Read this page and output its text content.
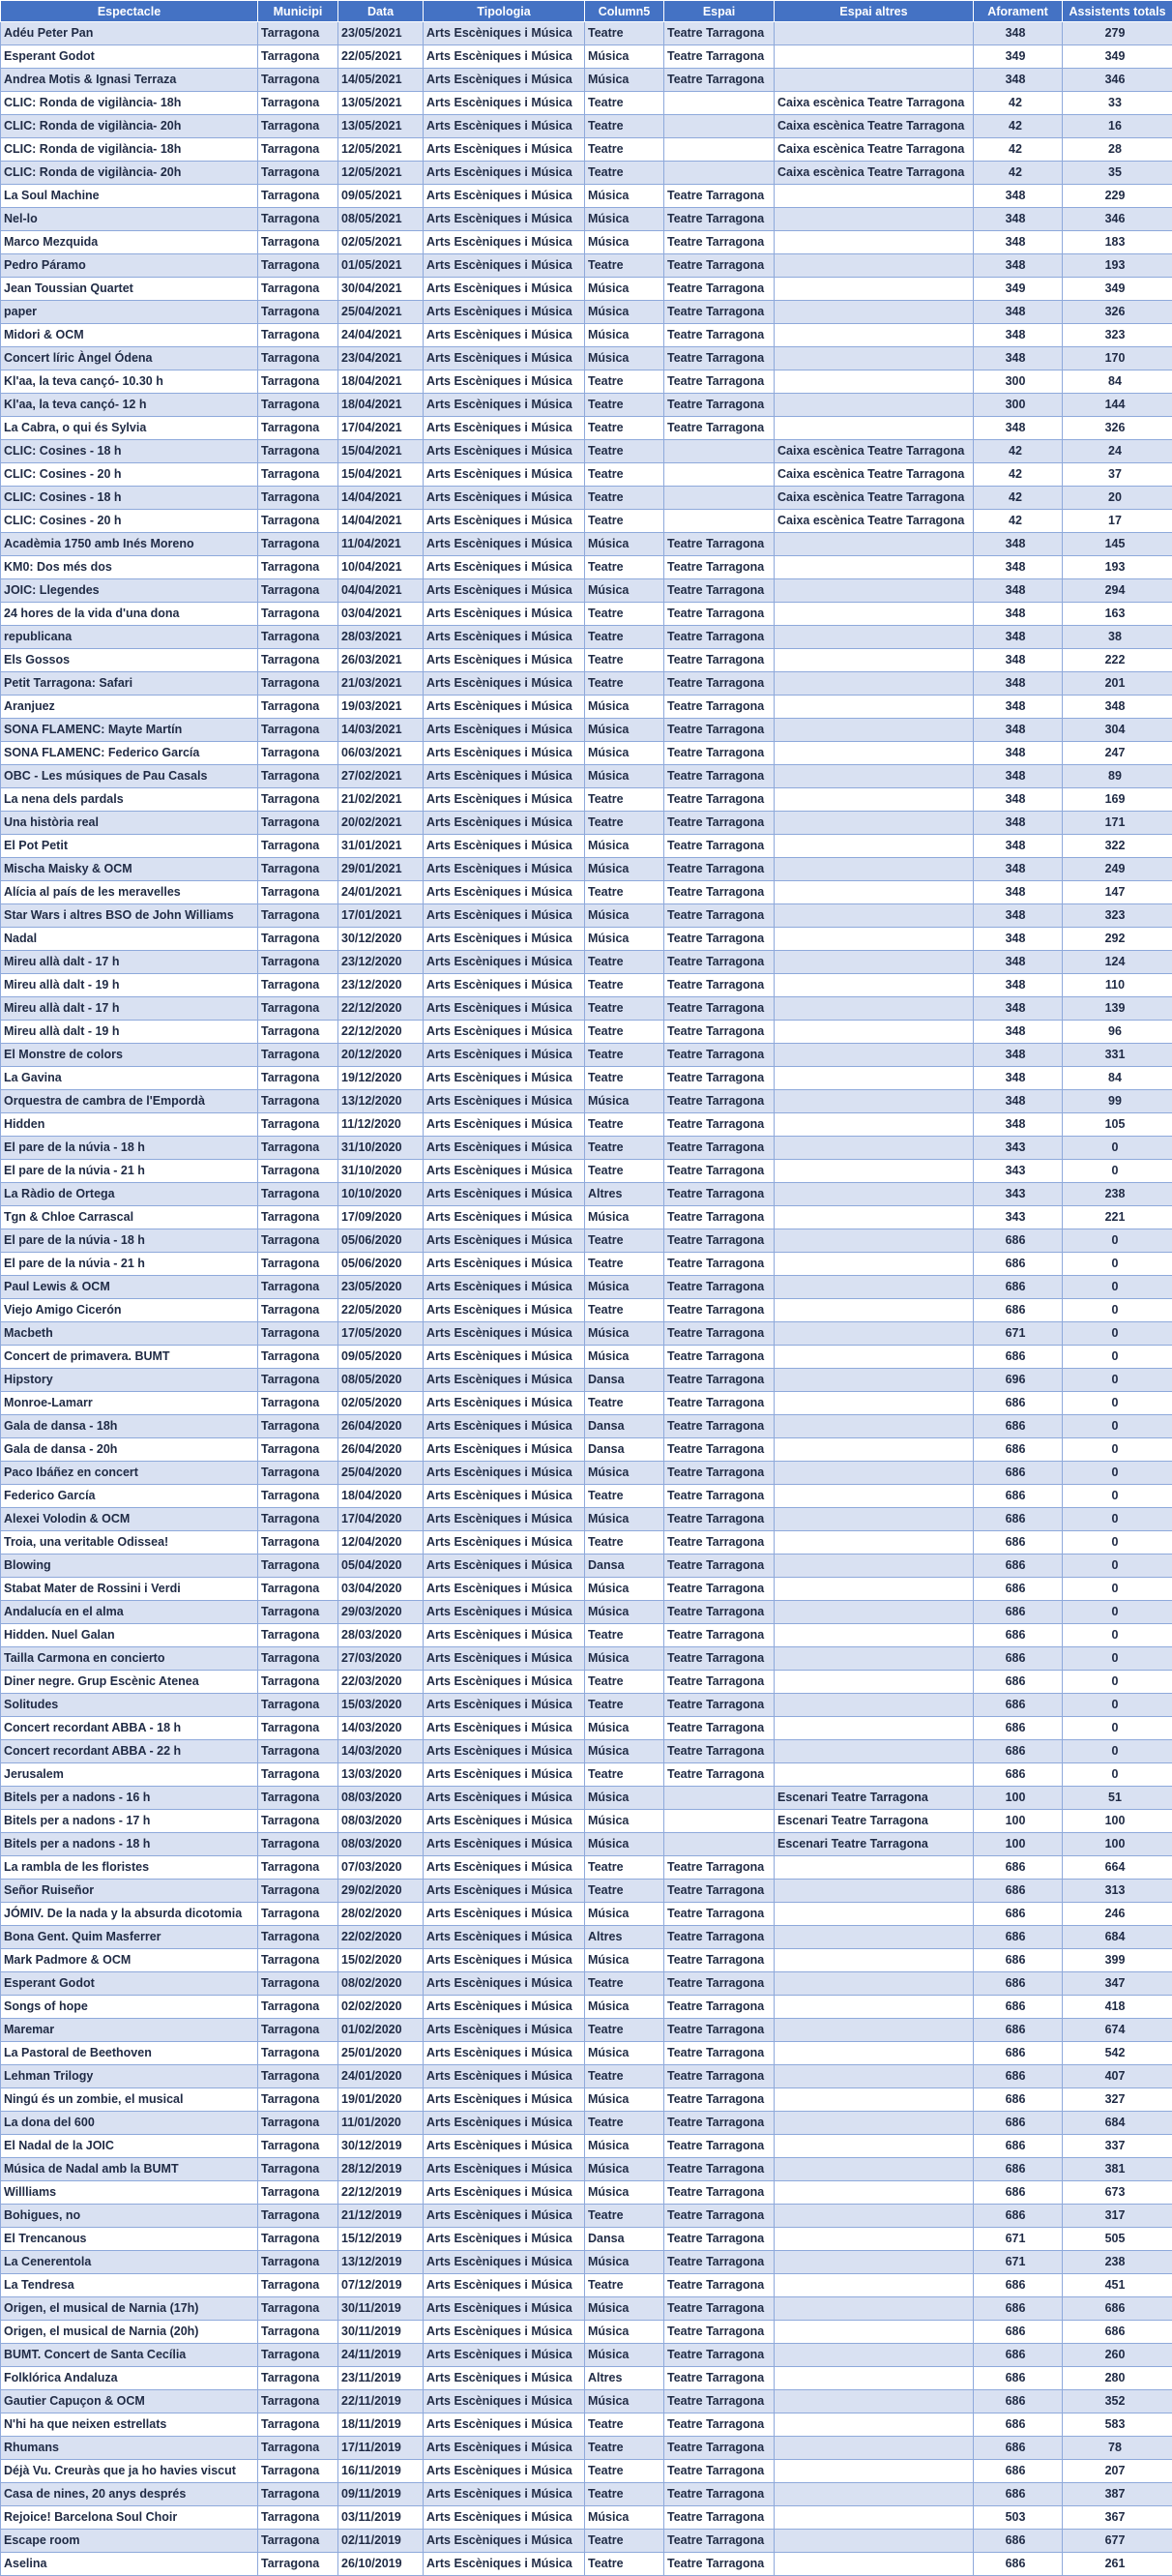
Espectacle	Municipi	Data	Tipologia	Column5	Espai	Espai altres	Aforament	Assistents totals
Adéu Peter Pan	Tarragona	23/05/2021	Arts Escèniques i Música	Teatre	Teatre Tarragona		348	279
Esperant Godot	Tarragona	22/05/2021	Arts Escèniques i Música	Música	Teatre Tarragona		349	349
Andrea Motis & Ignasi Terraza	Tarragona	14/05/2021	Arts Escèniques i Música	Música	Teatre Tarragona		348	346
CLIC: Ronda de vigilància- 18h	Tarragona	13/05/2021	Arts Escèniques i Música	Teatre		Caixa escènica Teatre Tarragona	42	33
CLIC: Ronda de vigilància- 20h	Tarragona	13/05/2021	Arts Escèniques i Música	Teatre		Caixa escènica Teatre Tarragona	42	16
CLIC: Ronda de vigilància- 18h	Tarragona	12/05/2021	Arts Escèniques i Música	Teatre		Caixa escènica Teatre Tarragona	42	28
CLIC: Ronda de vigilància- 20h	Tarragona	12/05/2021	Arts Escèniques i Música	Teatre		Caixa escènica Teatre Tarragona	42	35
La Soul Machine	Tarragona	09/05/2021	Arts Escèniques i Música	Música	Teatre Tarragona		348	229
Nel-lo	Tarragona	08/05/2021	Arts Escèniques i Música	Música	Teatre Tarragona		348	346
Marco Mezquida	Tarragona	02/05/2021	Arts Escèniques i Música	Música	Teatre Tarragona		348	183
Pedro Páramo	Tarragona	01/05/2021	Arts Escèniques i Música	Teatre	Teatre Tarragona		348	193
Jean Toussian Quartet	Tarragona	30/04/2021	Arts Escèniques i Música	Música	Teatre Tarragona		349	349
paper	Tarragona	25/04/2021	Arts Escèniques i Música	Música	Teatre Tarragona		348	326
Midori & OCM	Tarragona	24/04/2021	Arts Escèniques i Música	Música	Teatre Tarragona		348	323
Concert líric Àngel Ódena	Tarragona	23/04/2021	Arts Escèniques i Música	Música	Teatre Tarragona		348	170
Kl'aa, la teva cançó- 10.30 h	Tarragona	18/04/2021	Arts Escèniques i Música	Teatre	Teatre Tarragona		300	84
Kl'aa, la teva cançó- 12 h	Tarragona	18/04/2021	Arts Escèniques i Música	Teatre	Teatre Tarragona		300	144
La Cabra, o qui és Sylvia	Tarragona	17/04/2021	Arts Escèniques i Música	Teatre	Teatre Tarragona		348	326
CLIC: Cosines - 18 h	Tarragona	15/04/2021	Arts Escèniques i Música	Teatre		Caixa escènica Teatre Tarragona	42	24
CLIC: Cosines - 20 h	Tarragona	15/04/2021	Arts Escèniques i Música	Teatre		Caixa escènica Teatre Tarragona	42	37
CLIC: Cosines - 18 h	Tarragona	14/04/2021	Arts Escèniques i Música	Teatre		Caixa escènica Teatre Tarragona	42	20
CLIC: Cosines - 20 h	Tarragona	14/04/2021	Arts Escèniques i Música	Teatre		Caixa escènica Teatre Tarragona	42	17
Acadèmia 1750 amb Inés Moreno	Tarragona	11/04/2021	Arts Escèniques i Música	Música	Teatre Tarragona		348	145
KM0: Dos més dos	Tarragona	10/04/2021	Arts Escèniques i Música	Teatre	Teatre Tarragona		348	193
JOIC: Llegendes	Tarragona	04/04/2021	Arts Escèniques i Música	Música	Teatre Tarragona		348	294
24 hores de la vida d'una dona	Tarragona	03/04/2021	Arts Escèniques i Música	Teatre	Teatre Tarragona		348	163
republicana	Tarragona	28/03/2021	Arts Escèniques i Música	Teatre	Teatre Tarragona		348	38
Els Gossos	Tarragona	26/03/2021	Arts Escèniques i Música	Teatre	Teatre Tarragona		348	222
Petit Tarragona: Safari	Tarragona	21/03/2021	Arts Escèniques i Música	Teatre	Teatre Tarragona		348	201
Aranjuez	Tarragona	19/03/2021	Arts Escèniques i Música	Música	Teatre Tarragona		348	348
SONA FLAMENC: Mayte Martín	Tarragona	14/03/2021	Arts Escèniques i Música	Música	Teatre Tarragona		348	304
SONA FLAMENC: Federico García	Tarragona	06/03/2021	Arts Escèniques i Música	Música	Teatre Tarragona		348	247
OBC - Les músiques de Pau Casals	Tarragona	27/02/2021	Arts Escèniques i Música	Música	Teatre Tarragona		348	89
La nena dels pardals	Tarragona	21/02/2021	Arts Escèniques i Música	Teatre	Teatre Tarragona		348	169
Una història real	Tarragona	20/02/2021	Arts Escèniques i Música	Teatre	Teatre Tarragona		348	171
El Pot Petit	Tarragona	31/01/2021	Arts Escèniques i Música	Música	Teatre Tarragona		348	322
Mischa Maisky & OCM	Tarragona	29/01/2021	Arts Escèniques i Música	Música	Teatre Tarragona		348	249
Alícia al país de les meravelles	Tarragona	24/01/2021	Arts Escèniques i Música	Teatre	Teatre Tarragona		348	147
Star Wars i altres BSO de John Williams	Tarragona	17/01/2021	Arts Escèniques i Música	Música	Teatre Tarragona		348	323
Nadal	Tarragona	30/12/2020	Arts Escèniques i Música	Música	Teatre Tarragona		348	292
Mireu allà dalt - 17 h	Tarragona	23/12/2020	Arts Escèniques i Música	Teatre	Teatre Tarragona		348	124
Mireu allà dalt - 19 h	Tarragona	23/12/2020	Arts Escèniques i Música	Teatre	Teatre Tarragona		348	110
Mireu allà dalt - 17 h	Tarragona	22/12/2020	Arts Escèniques i Música	Teatre	Teatre Tarragona		348	139
Mireu allà dalt - 19 h	Tarragona	22/12/2020	Arts Escèniques i Música	Teatre	Teatre Tarragona		348	96
El Monstre de colors	Tarragona	20/12/2020	Arts Escèniques i Música	Teatre	Teatre Tarragona		348	331
La Gavina	Tarragona	19/12/2020	Arts Escèniques i Música	Teatre	Teatre Tarragona		348	84
Orquestra de cambra de l'Empordà	Tarragona	13/12/2020	Arts Escèniques i Música	Música	Teatre Tarragona		348	99
Hidden	Tarragona	11/12/2020	Arts Escèniques i Música	Teatre	Teatre Tarragona		348	105
El pare de la núvia - 18 h	Tarragona	31/10/2020	Arts Escèniques i Música	Teatre	Teatre Tarragona		343	0
El pare de la núvia - 21 h	Tarragona	31/10/2020	Arts Escèniques i Música	Teatre	Teatre Tarragona		343	0
La Ràdio de Ortega	Tarragona	10/10/2020	Arts Escèniques i Música	Altres	Teatre Tarragona		343	238
Tgn & Chloe Carrascal	Tarragona	17/09/2020	Arts Escèniques i Música	Música	Teatre Tarragona		343	221
El pare de la núvia - 18 h	Tarragona	05/06/2020	Arts Escèniques i Música	Teatre	Teatre Tarragona		686	0
El pare de la núvia - 21 h	Tarragona	05/06/2020	Arts Escèniques i Música	Teatre	Teatre Tarragona		686	0
Paul Lewis & OCM	Tarragona	23/05/2020	Arts Escèniques i Música	Música	Teatre Tarragona		686	0
Viejo Amigo Cicerón	Tarragona	22/05/2020	Arts Escèniques i Música	Teatre	Teatre Tarragona		686	0
Macbeth	Tarragona	17/05/2020	Arts Escèniques i Música	Música	Teatre Tarragona		671	0
Concert de primavera. BUMT	Tarragona	09/05/2020	Arts Escèniques i Música	Música	Teatre Tarragona		686	0
Hipstory	Tarragona	08/05/2020	Arts Escèniques i Música	Dansa	Teatre Tarragona		696	0
Monroe-Lamarr	Tarragona	02/05/2020	Arts Escèniques i Música	Teatre	Teatre Tarragona		686	0
Gala de dansa - 18h	Tarragona	26/04/2020	Arts Escèniques i Música	Dansa	Teatre Tarragona		686	0
Gala de dansa - 20h	Tarragona	26/04/2020	Arts Escèniques i Música	Dansa	Teatre Tarragona		686	0
Paco Ibáñez en concert	Tarragona	25/04/2020	Arts Escèniques i Música	Música	Teatre Tarragona		686	0
Federico García	Tarragona	18/04/2020	Arts Escèniques i Música	Teatre	Teatre Tarragona		686	0
Alexei Volodin & OCM	Tarragona	17/04/2020	Arts Escèniques i Música	Música	Teatre Tarragona		686	0
Troia, una veritable Odissea!	Tarragona	12/04/2020	Arts Escèniques i Música	Teatre	Teatre Tarragona		686	0
Blowing	Tarragona	05/04/2020	Arts Escèniques i Música	Dansa	Teatre Tarragona		686	0
Stabat Mater de Rossini i Verdi	Tarragona	03/04/2020	Arts Escèniques i Música	Música	Teatre Tarragona		686	0
Andalucía en el alma	Tarragona	29/03/2020	Arts Escèniques i Música	Música	Teatre Tarragona		686	0
Hidden. Nuel Galan	Tarragona	28/03/2020	Arts Escèniques i Música	Teatre	Teatre Tarragona		686	0
Tailla Carmona en concierto	Tarragona	27/03/2020	Arts Escèniques i Música	Música	Teatre Tarragona		686	0
Diner negre. Grup Escènic Atenea	Tarragona	22/03/2020	Arts Escèniques i Música	Teatre	Teatre Tarragona		686	0
Solitudes	Tarragona	15/03/2020	Arts Escèniques i Música	Teatre	Teatre Tarragona		686	0
Concert recordant ABBA - 18 h	Tarragona	14/03/2020	Arts Escèniques i Música	Música	Teatre Tarragona		686	0
Concert recordant ABBA - 22 h	Tarragona	14/03/2020	Arts Escèniques i Música	Música	Teatre Tarragona		686	0
Jerusalem	Tarragona	13/03/2020	Arts Escèniques i Música	Teatre	Teatre Tarragona		686	0
Bitels per a nadons - 16 h	Tarragona	08/03/2020	Arts Escèniques i Música	Música		Escenari Teatre Tarragona	100	51
Bitels per a nadons - 17 h	Tarragona	08/03/2020	Arts Escèniques i Música	Música		Escenari Teatre Tarragona	100	100
Bitels per a nadons - 18 h	Tarragona	08/03/2020	Arts Escèniques i Música	Música		Escenari Teatre Tarragona	100	100
La rambla de les floristes	Tarragona	07/03/2020	Arts Escèniques i Música	Teatre	Teatre Tarragona		686	664
Señor Ruiseñor	Tarragona	29/02/2020	Arts Escèniques i Música	Teatre	Teatre Tarragona		686	313
JÓMIV. De la nada y la absurda dicotomia	Tarragona	28/02/2020	Arts Escèniques i Música	Música	Teatre Tarragona		686	246
Bona Gent. Quim Masferrer	Tarragona	22/02/2020	Arts Escèniques i Música	Altres	Teatre Tarragona		686	684
Mark Padmore & OCM	Tarragona	15/02/2020	Arts Escèniques i Música	Música	Teatre Tarragona		686	399
Esperant Godot	Tarragona	08/02/2020	Arts Escèniques i Música	Teatre	Teatre Tarragona		686	347
Songs of hope	Tarragona	02/02/2020	Arts Escèniques i Música	Música	Teatre Tarragona		686	418
Maremar	Tarragona	01/02/2020	Arts Escèniques i Música	Teatre	Teatre Tarragona		686	674
La Pastoral de Beethoven	Tarragona	25/01/2020	Arts Escèniques i Música	Música	Teatre Tarragona		686	542
Lehman Trilogy	Tarragona	24/01/2020	Arts Escèniques i Música	Teatre	Teatre Tarragona		686	407
Ningú és un zombie, el musical	Tarragona	19/01/2020	Arts Escèniques i Música	Música	Teatre Tarragona		686	327
La dona del 600	Tarragona	11/01/2020	Arts Escèniques i Música	Teatre	Teatre Tarragona		686	684
El Nadal de la JOIC	Tarragona	30/12/2019	Arts Escèniques i Música	Música	Teatre Tarragona		686	337
Música de Nadal amb la BUMT	Tarragona	28/12/2019	Arts Escèniques i Música	Música	Teatre Tarragona		686	381
Willliams	Tarragona	22/12/2019	Arts Escèniques i Música	Música	Teatre Tarragona		686	673
Bohigues, no	Tarragona	21/12/2019	Arts Escèniques i Música	Teatre	Teatre Tarragona		686	317
El Trencanous	Tarragona	15/12/2019	Arts Escèniques i Música	Dansa	Teatre Tarragona		671	505
La Cenerentola	Tarragona	13/12/2019	Arts Escèniques i Música	Música	Teatre Tarragona		671	238
La Tendresa	Tarragona	07/12/2019	Arts Escèniques i Música	Teatre	Teatre Tarragona		686	451
Origen, el musical de Narnia (17h)	Tarragona	30/11/2019	Arts Escèniques i Música	Música	Teatre Tarragona		686	686
Origen, el musical de Narnia (20h)	Tarragona	30/11/2019	Arts Escèniques i Música	Música	Teatre Tarragona		686	686
BUMT. Concert de Santa Cecília	Tarragona	24/11/2019	Arts Escèniques i Música	Música	Teatre Tarragona		686	260
Folklórica Andaluza	Tarragona	23/11/2019	Arts Escèniques i Música	Altres	Teatre Tarragona		686	280
Gautier Capuçon & OCM	Tarragona	22/11/2019	Arts Escèniques i Música	Música	Teatre Tarragona		686	352
N'hi ha que neixen estrellats	Tarragona	18/11/2019	Arts Escèniques i Música	Teatre	Teatre Tarragona		686	583
Rhumans	Tarragona	17/11/2019	Arts Escèniques i Música	Teatre	Teatre Tarragona		686	78
Déjà Vu. Creuràs que ja ho havies viscut	Tarragona	16/11/2019	Arts Escèniques i Música	Teatre	Teatre Tarragona		686	207
Casa de nines, 20 anys després	Tarragona	09/11/2019	Arts Escèniques i Música	Teatre	Teatre Tarragona		686	387
Rejoice! Barcelona Soul Choir	Tarragona	03/11/2019	Arts Escèniques i Música	Música	Teatre Tarragona		503	367
Escape room	Tarragona	02/11/2019	Arts Escèniques i Música	Teatre	Teatre Tarragona		686	677
Aselina	Tarragona	26/10/2019	Arts Escèniques i Música	Teatre	Teatre Tarragona		686	261
